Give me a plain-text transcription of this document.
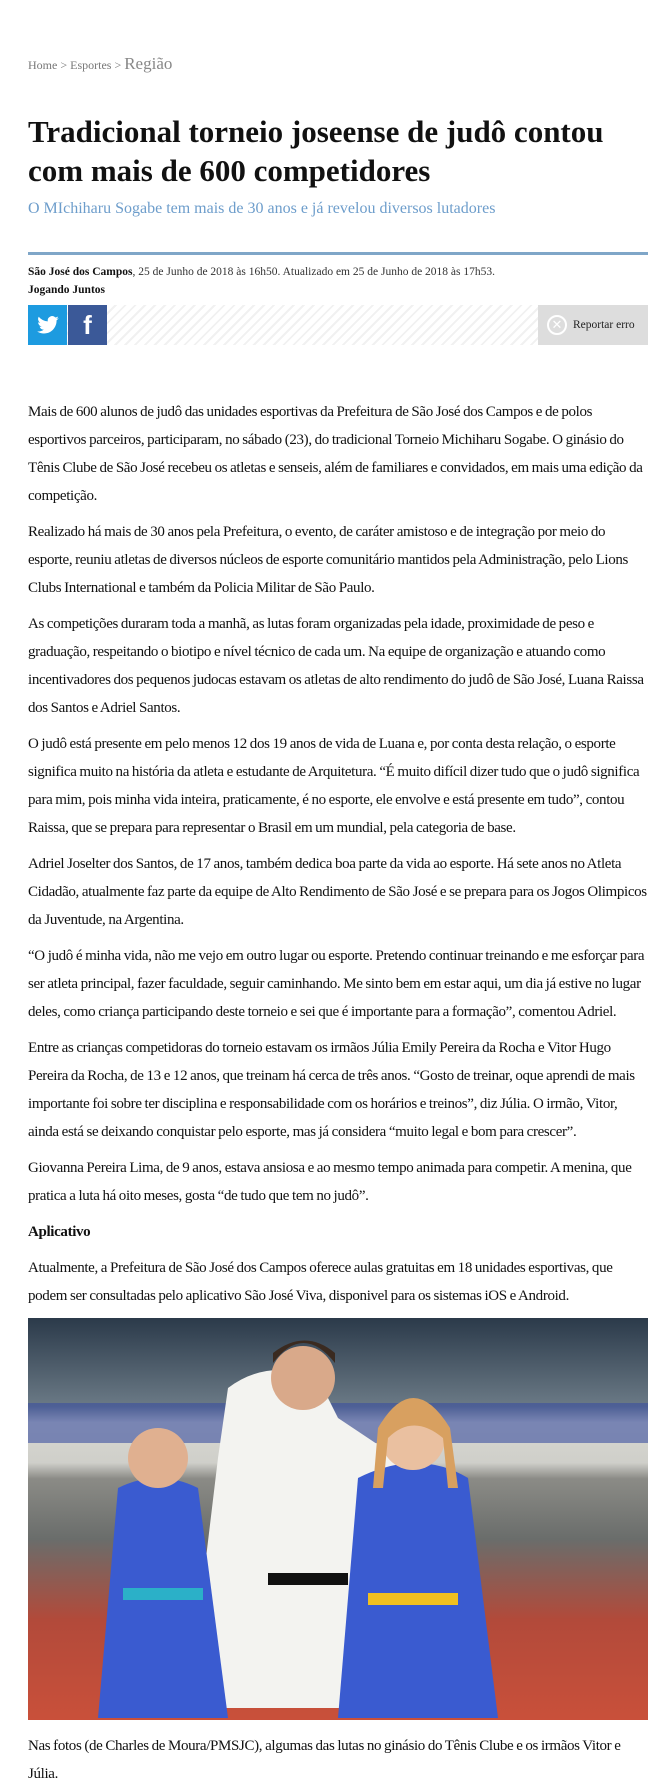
Home > Esportes > Região
Tradicional torneio joseense de judô contou com mais de 600 competidores
O MIchiharu Sogabe tem mais de 30 anos e já revelou diversos lutadores
São José dos Campos, 25 de Junho de 2018 às 16h50. Atualizado em 25 de Junho de 2018 às 17h53.
Jogando Juntos
f	✕ Reportar erro

Mais de 600 alunos de judô das unidades esportivas da Prefeitura de São José dos Campos e de polos esportivos parceiros, participaram, no sábado (23), do tradicional Torneio Michiharu Sogabe. O ginásio do Tênis Clube de São José recebeu os atletas e senseis, além de familiares e convidados, em mais uma edição da competição.

Realizado há mais de 30 anos pela Prefeitura, o evento, de caráter amistoso e de integração por meio do esporte, reuniu atletas de diversos núcleos de esporte comunitário mantidos pela Administração, pelo Lions Clubs International e também da Policia Militar de São Paulo.

As competições duraram toda a manhã, as lutas foram organizadas pela idade, proximidade de peso e graduação, respeitando o biotipo e nível técnico de cada um. Na equipe de organização e atuando como incentivadores dos pequenos judocas estavam os atletas de alto rendimento do judô de São José, Luana Raissa dos Santos e Adriel Santos.

O judô está presente em pelo menos 12 dos 19 anos de vida de Luana e, por conta desta relação, o esporte significa muito na história da atleta e estudante de Arquitetura. “É muito difícil dizer tudo que o judô significa para mim, pois minha vida inteira, praticamente, é no esporte, ele envolve e está presente em tudo”, contou Raissa, que se prepara para representar o Brasil em um mundial, pela categoria de base.

Adriel Joselter dos Santos, de 17 anos, também dedica boa parte da vida ao esporte. Há sete anos no Atleta Cidadão, atualmente faz parte da equipe de Alto Rendimento de São José e se prepara para os Jogos Olimpicos da Juventude, na Argentina.

“O judô é minha vida, não me vejo em outro lugar ou esporte. Pretendo continuar treinando e me esforçar para ser atleta principal, fazer faculdade, seguir caminhando. Me sinto bem em estar aqui, um dia já estive no lugar deles, como criança participando deste torneio e sei que é importante para a formação”, comentou Adriel.

Entre as crianças competidoras do torneio estavam os irmãos Júlia Emily Pereira da Rocha e Vitor Hugo Pereira da Rocha, de 13 e 12 anos, que treinam há cerca de três anos. “Gosto de treinar, oque aprendi de mais importante foi sobre ter disciplina e responsabilidade com os horários e treinos”, diz Júlia. O irmão, Vitor, ainda está se deixando conquistar pelo esporte, mas já considera “muito legal e bom para crescer”.

Giovanna Pereira Lima, de 9 anos, estava ansiosa e ao mesmo tempo animada para competir. A menina, que pratica a luta há oito meses, gosta “de tudo que tem no judô”.

Aplicativo

Atualmente, a Prefeitura de São José dos Campos oferece aulas gratuitas em 18 unidades esportivas, que podem ser consultadas pelo aplicativo São José Viva, disponivel para os sistemas iOS e Android.

Nas fotos (de Charles de Moura/PMSJC), algumas das lutas no ginásio do Tênis Clube e os irmãos Vitor e Júlia.
